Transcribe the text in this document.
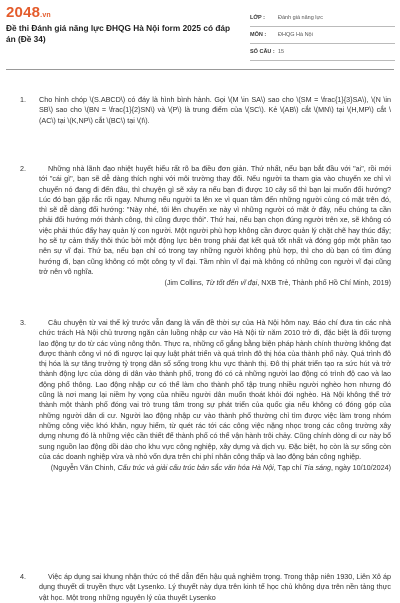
2048.vn
Đề thi Đánh giá năng lực ĐHQG Hà Nội form 2025 có đáp án (Đề 34)
LỚP :	Đánh giá năng lực
MÔN :	ĐHQG Hà Nội
SỐ CÂU : 15
1. Cho hình chóp \(S.ABCD\) có đáy là hình bình hành. Gọi \(M \in SA\) sao cho \(SM = \frac{1}{3}SA\), \(N \in SB\) sao cho \(BN = \frac{1}{2}SN\) và \(P\) là trung điểm của \(SC\). Kẻ \(AB\) cắt \(MN\) tại \(H,MP\) cắt \(AC\) tại \(K,NP\) cắt \(BC\) tại \(I\).
2.	Những nhà lãnh đạo nhiệt huyết hiểu rất rõ ba điều đơn giản. Thứ nhất, nếu bạn bắt đầu với "ai", rồi mới tới "cái gì", bạn sẽ dễ dàng thích nghi với môi trường thay đổi. Nếu người ta tham gia vào chuyến xe chỉ vì chuyến nó đang đi đến đâu, thì chuyện gì sẽ xảy ra nếu bạn đi được 10 cây số thì bạn lại muốn đổi hướng? Lúc đó bạn gặp rắc rối ngay. Nhưng nếu người ta lên xe vì quan tâm đến những người cùng có mặt trên đó, thì sẽ dễ dàng đổi hướng: "Này nhé, tôi lên chuyến xe này vì những người có mặt ở đây, nếu chúng ta cần phải đổi hướng mới thành công, thì cũng được thôi". Thứ hai, nếu bạn chọn đúng người trên xe, sẽ không có việc phải thúc đẩy hay quản lý con người. Một người phù hợp không cần được quản lý chặt chẽ hay thúc đẩy; họ sẽ tự cảm thấy thôi thúc bởi một động lực bên trong phải đạt kết quả tốt nhất và đóng góp một phần tạo nên sự vĩ đại. Thứ ba, nếu bạn chỉ có trong tay những người không phù hợp, thì cho dù bạn có tìm đúng hướng đi, bạn cũng không có một công ty vĩ đại. Tầm nhìn vĩ đại mà không có những con người vĩ đại cũng trở nên vô nghĩa.
(Jim Collins, Từ tốt đến vĩ đại, NXB Trẻ, Thành phố Hồ Chí Minh, 2019)
3.	Câu chuyện từ vai thế kỷ trước vẫn đang là vấn đề thời sự của Hà Nội hôm nay. Báo chí đưa tin các nhà chức trách Hà Nội chủ trương ngăn cản luồng nhập cư vào Hà Nội từ năm 2010 trở đi, đặc biệt là đối tượng lao động tự do từ các vùng nông thôn. Thực ra, những cố gắng bằng biện pháp hành chính thường không đạt được thành công vì nó đi ngược lại quy luật phát triển và quá trình đô thị hóa của thành phố này. Quá trình đô thị hóa là sự tăng trưởng tỷ trọng dân số sống trong khu vực thành thị. Đô thị phát triển tạo ra sức hút và trở thành động lực của dòng di dân vào thành phố, trong đó có cả những người lao động có trình độ cao và lao động phổ thông. Lao động nhập cư có thể làm cho thành phố tập trung nhiều người nghèo hơn nhưng đó cũng là nơi mang lại niềm hy vọng của nhiều người dân muốn thoát khỏi đói nghèo. Hà Nội không thể trở thành một thành phố đóng vai trò trung tâm trong sự phát triển của quốc gia nếu không có đóng góp của những người dân di cư. Người lao động nhập cư vào thành phố thường chỉ tìm được việc làm trong nhóm những công việc khó khăn, nguy hiểm, từ quét rác tới các công việc nặng nhọc trong các công trường xây dựng nhưng đó là những việc cần thiết để thành phố có thể vận hành trôi chảy. Cũng chính dòng di cư này bổ sung nguồn lao động dồi dào cho khu vực công nghiệp, xây dựng và dịch vụ. Đặc biệt, họ còn là sự sống còn của các doanh nghiệp vừa và nhỏ vốn dựa trên chi phí nhân công thấp và lao động bán công nghiệp.
(Nguyễn Văn Chinh, Cấu trúc và giải cấu trúc bản sắc văn hóa Hà Nội, Tạp chí Tia sáng, ngày 10/10/2024)
4.	Việc áp dụng sai khung nhận thức có thể dẫn đến hậu quả nghiêm trọng. Trong thập niên 1930, Liên Xô áp dụng thuyết di truyền thực vật Lysenko. Lý thuyết này dựa trên kinh tế học chủ không dựa trên nền tảng thực vật học. Một trong những nguyên lý của thuyết Lysenko
